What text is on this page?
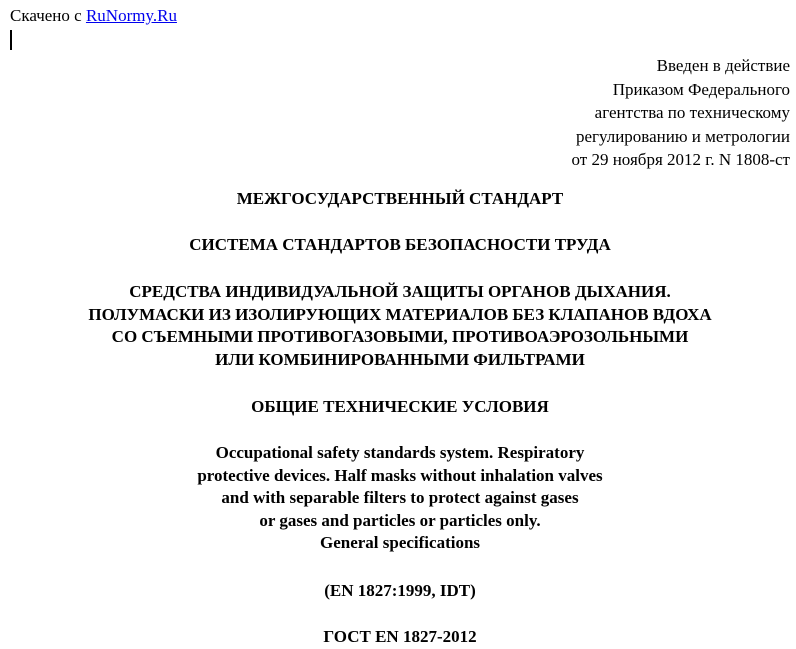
Скачено с RuNormy.Ru
Введен в действие
Приказом Федерального
агентства по техническому
регулированию и метрологии
от 29 ноября 2012 г. N 1808-ст
МЕЖГОСУДАРСТВЕННЫЙ СТАНДАРТ
СИСТЕМА СТАНДАРТОВ БЕЗОПАСНОСТИ ТРУДА
СРЕДСТВА ИНДИВИДУАЛЬНОЙ ЗАЩИТЫ ОРГАНОВ ДЫХАНИЯ.
ПОЛУМАСКИ ИЗ ИЗОЛИРУЮЩИХ МАТЕРИАЛОВ БЕЗ КЛАПАНОВ ВДОХА
СО СЪЕМНЫМИ ПРОТИВОГАЗОВЫМИ, ПРОТИВОАЭРОЗОЛЬНЫМИ
ИЛИ КОМБИНИРОВАННЫМИ ФИЛЬТРАМИ
ОБЩИЕ ТЕХНИЧЕСКИЕ УСЛОВИЯ
Occupational safety standards system. Respiratory
protective devices. Half masks without inhalation valves
and with separable filters to protect against gases
or gases and particles or particles only.
General specifications
(EN 1827:1999, IDT)
ГОСТ EN 1827-2012
